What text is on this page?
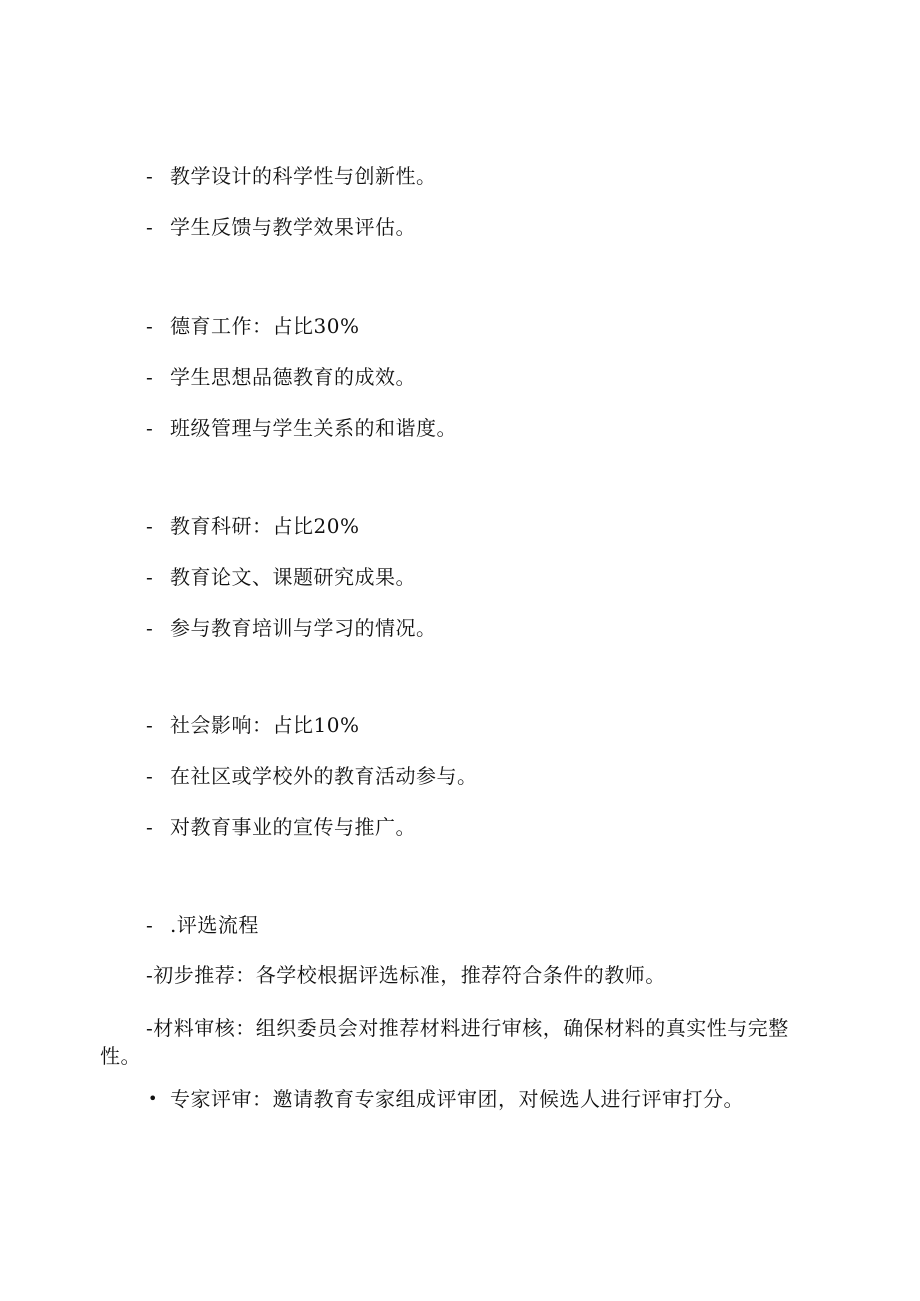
- 教学设计的科学性与创新性。
- 学生反馈与教学效果评估。
- 德育工作：占比30%
- 学生思想品德教育的成效。
- 班级管理与学生关系的和谐度。
- 教育科研：占比20%
- 教育论文、课题研究成果。
- 参与教育培训与学习的情况。
- 社会影响：占比10%
- 在社区或学校外的教育活动参与。
- 对教育事业的宣传与推广。
- .评选流程
-初步推荐：各学校根据评选标准，推荐符合条件的教师。
-材料审核：组织委员会对推荐材料进行审核，确保材料的真实性与完整性。
• 专家评审：邀请教育专家组成评审团，对候选人进行评审打分。
